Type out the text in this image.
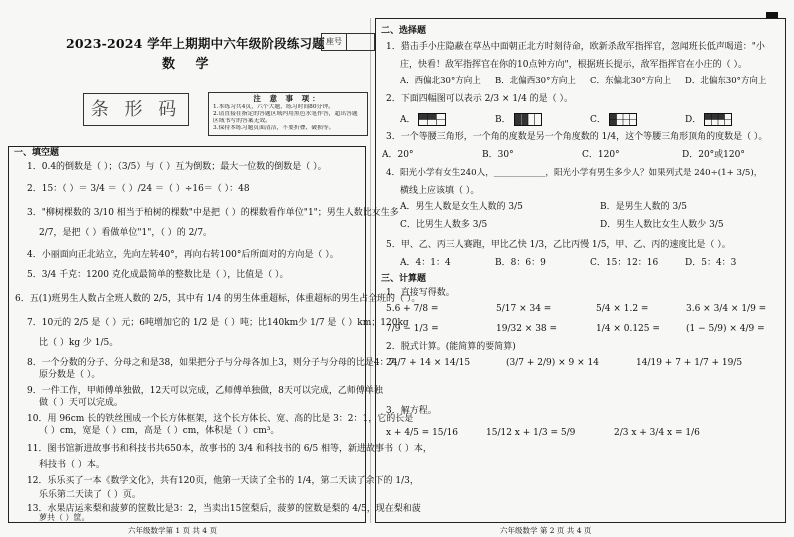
2023-2024 学年上期期中六年级阶段练习题
数 学
座号
条 形 码
注 意 事 项：
1.本练习共4页，六个大题，练习时间80分钟。
2.请直接在指定的答题区域内用黑色水笔作答，超出答题
区域书写的答案无效。
3.保持本练习题页面清洁，不要折叠、破损等。
一、填空题
1．0.4的倒数是（ ）；（3/5）与（ ）互为倒数；最大一位数的倒数是（ ）。
2．15：（ ）＝ 3/4 ＝（ ）/24 ＝（ ）÷16＝（ ）：48
3．"柳树棵数的 3/10 相当于柏树的棵数"中是把（ ）的棵数看作单位"1"；男生人数比女生多
2/7，是把（ ）看做单位"1"，（ ）的 2/7。
4．小丽面向正北站立，先向左转40°，再向右转100°后所面对的方向是（ ）。
5．3/4 千克：1200 克化成最简单的整数比是（ ），比值是（ ）。
6．五(1)班男生人数占全班人数的 2/5，其中有 1/4 的男生体重超标，体重超标的男生占全班的（ ）。
7．10元的 2/5 是（ ）元；6吨增加它的 1/2 是（ ）吨；比140km少 1/7 是（ ）km；120kg
比（ ）kg 少 1/5。
8．一个分数的分子、分母之和是38，如果把分子与分母各加上3，则分子与分母的比是4：7，
原分数是（ ）。
9．一件工作，甲师傅单独做，12天可以完成，乙师傅单独做，8天可以完成，乙师傅单独
做（ ）天可以完成。
10．用 96cm 长的铁丝围成一个长方体框架，这个长方体长、宽、高的比是 3：2：1，它的长是
（ ）cm，宽是（ ）cm，高是（ ）cm，体积是（ ）cm³。
11．图书馆新进故事书和科技书共650本，故事书的 3/4 和科技书的 6/5 相等，新进故事书（ ）本，
科技书（ ）本。
12．乐乐买了一本《数学文化》，共有120页，他第一天读了全书的 1/4，第二天读了余下的 1/3，
乐乐第二天读了（ ）页。
13．水果店运来梨和菠萝的筐数比是3：2，当卖出15筐梨后，菠萝的筐数是梨的 4/5，现在梨和菠
萝共（ ）筐。
六年级数学第 1 页 共 4 页
二、选择题
1．猎击手小庄隐蔽在草丛中面朝正北方时刻待命，欧新杀敌军指挥官，忽闻班长低声喝道："小
庄，快看！敌军指挥官在你的10点钟方向"，根据班长提示，敌军指挥官在小庄的（ ）。
A．西偏北30°方向上	B．北偏西30°方向上	C．东偏北30°方向上	D．北偏东30°方向上
2．下面四幅图可以表示 2/3 × 1/4 的是（ ）。
A．	B．	C．	D．
3．一个等腰三角形，一个角的度数是另一个角度数的 1/4，这个等腰三角形顶角的度数是（ ）。
A．20°	B．30°	C．120°	D．20°或120°
4．阳光小学有女生240人，____________，阳光小学有男生多少人？如果列式是 240÷(1+ 3/5)，
横线上应该填（ ）。
A．男生人数是女生人数的 3/5	B．是男生人数的 3/5
C．比男生人数多 3/5	D．男生人数比女生人数少 3/5
5．甲、乙、丙三人赛跑，甲比乙快 1/3，乙比丙慢 1/5，甲、乙、丙的速度比是（ ）。
A．4：1：4	B．8：6：9	C．15：12：16	D．5：4：3
三、计算题
1．直接写得数。
5.6 + 7/8 =	5/17 × 34 =	5/4 × 1.2 =	3.6 × 3/4 × 1/9 =
7/9 − 1/3 =	19/32 × 38 =	1/4 × 0.125 =	(1 − 5/9) × 4/9 =
2．脱式计算。(能简算的要简算)
24/7 + 14 × 14/15	(3/7 + 2/9) × 9 × 14	14/19 + 7 + 1/7 + 19/5
3．解方程。
x + 4/5 = 15/16	15/12 x + 1/3 = 5/9	2/3 x + 3/4 x = 1/6
六年级数学 第 2 页 共 4 页
